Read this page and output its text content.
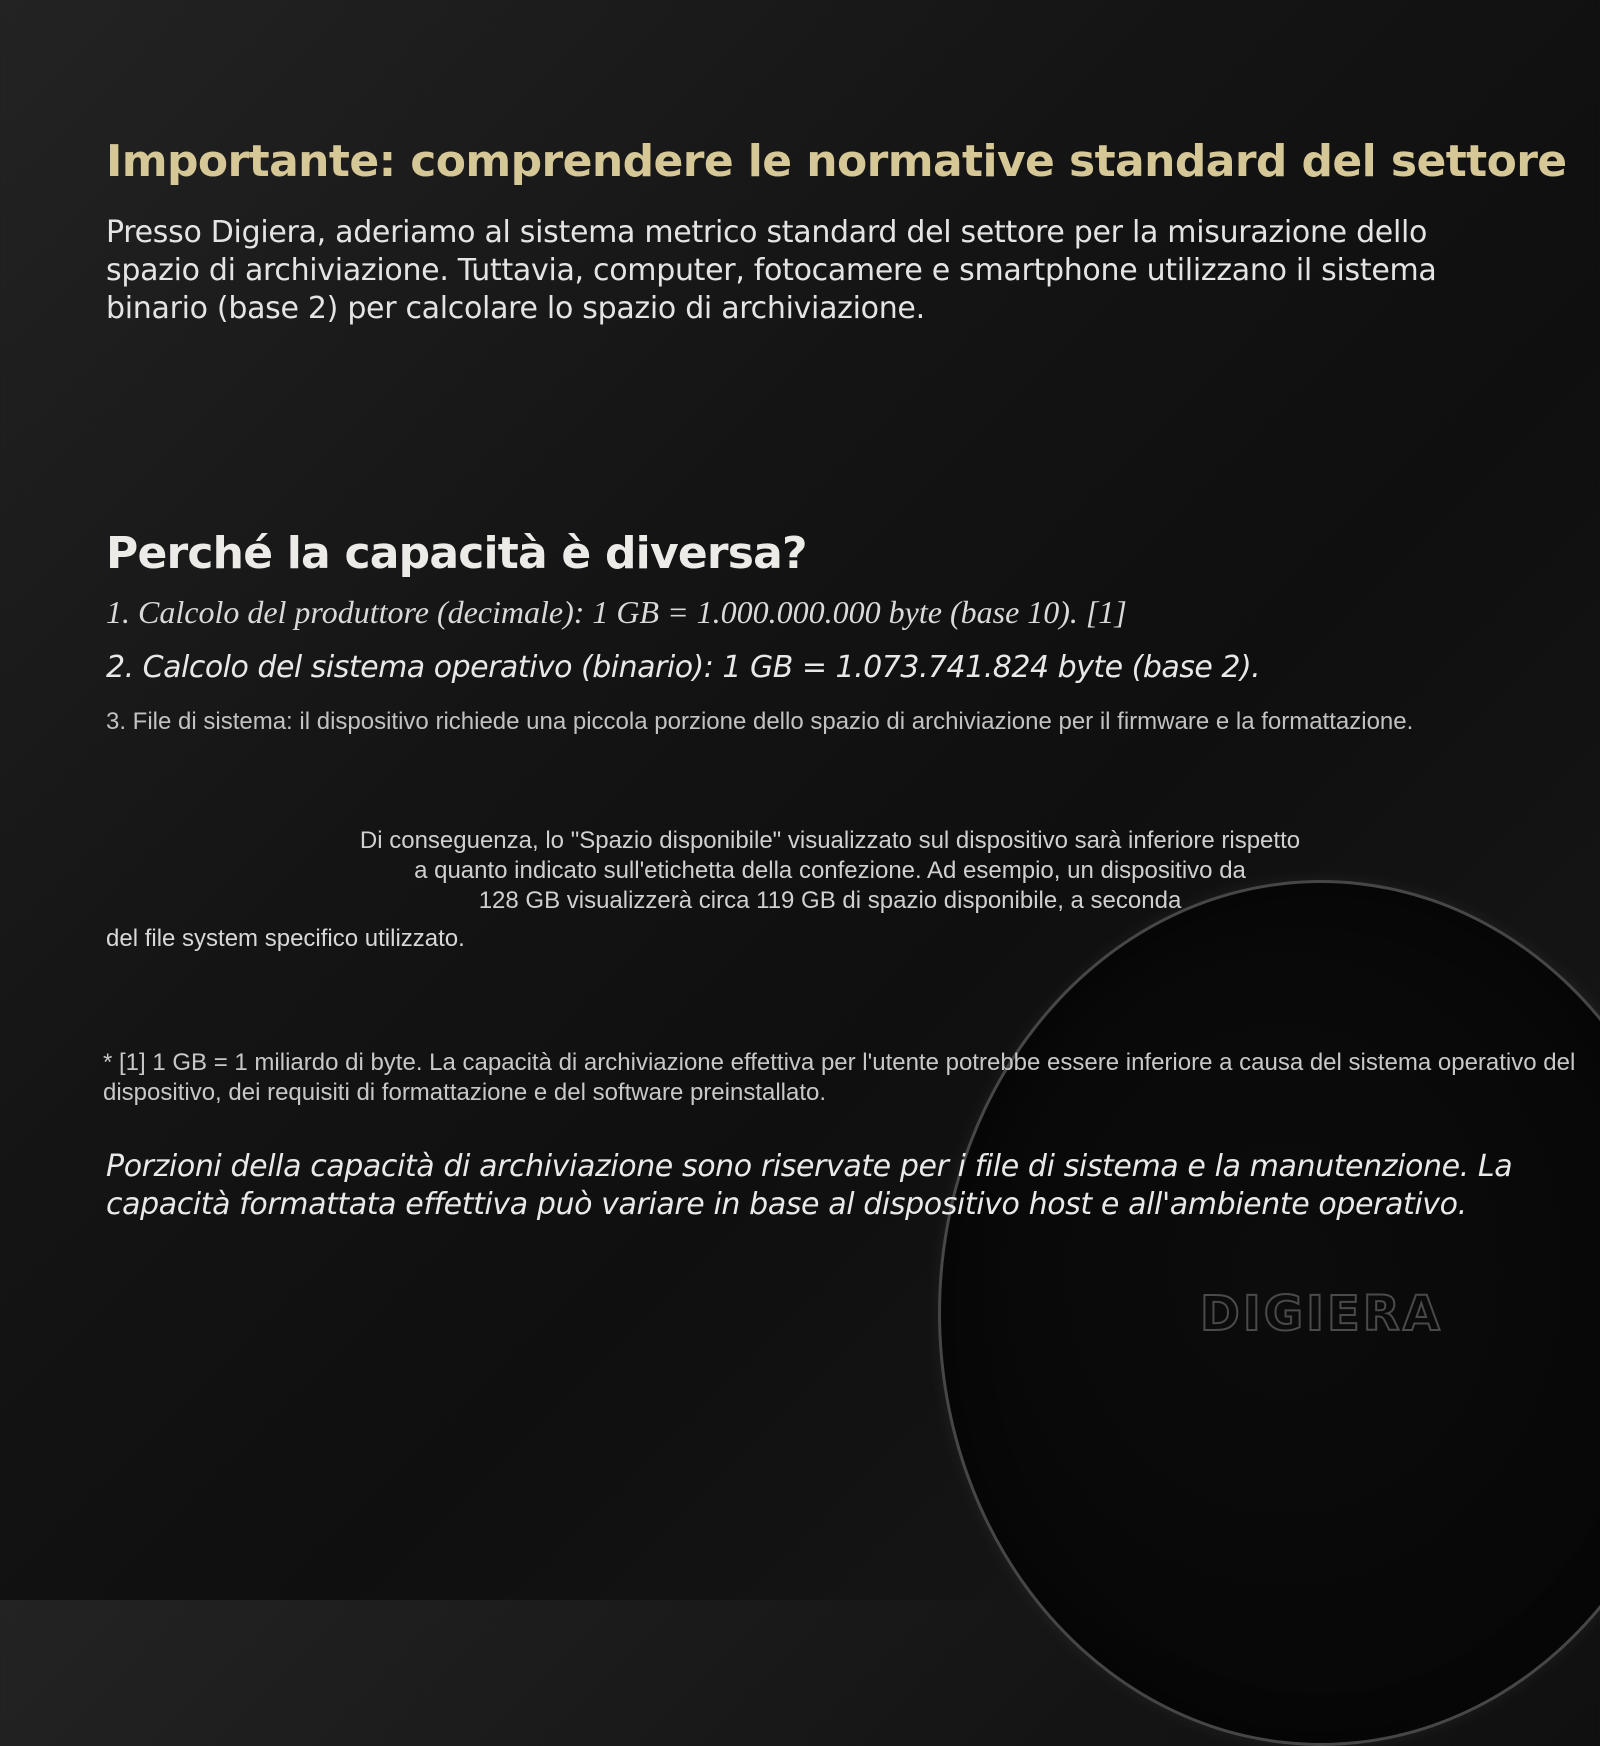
Importante: comprendere le normative standard del settore

Presso Digiera, aderiamo al sistema metrico standard del settore per la misurazione dello spazio di archiviazione. Tuttavia, computer, fotocamere e smartphone utilizzano il sistema binario (base 2) per calcolare lo spazio di archiviazione.

Perché la capacità è diversa?

1. Calcolo del produttore (decimale): 1 GB = 1.000.000.000 byte (base 10). [1]

2. Calcolo del sistema operativo (binario): 1 GB = 1.073.741.824 byte (base 2).

3. File di sistema: il dispositivo richiede una piccola porzione dello spazio di archiviazione per il firmware e la formattazione.

Di conseguenza, lo "Spazio disponibile" visualizzato sul dispositivo sarà inferiore rispetto
a quanto indicato sull'etichetta della confezione. Ad esempio, un dispositivo da
128 GB visualizzerà circa 119 GB di spazio disponibile, a seconda

del file system specifico utilizzato.

* [1] 1 GB = 1 miliardo di byte. La capacità di archiviazione effettiva per l'utente potrebbe essere inferiore a causa del sistema operativo del dispositivo, dei requisiti di formattazione e del software preinstallato.

Porzioni della capacità di archiviazione sono riservate per i file di sistema e la manutenzione. La capacità formattata effettiva può variare in base al dispositivo host e all'ambiente operativo.

DIGIERA
